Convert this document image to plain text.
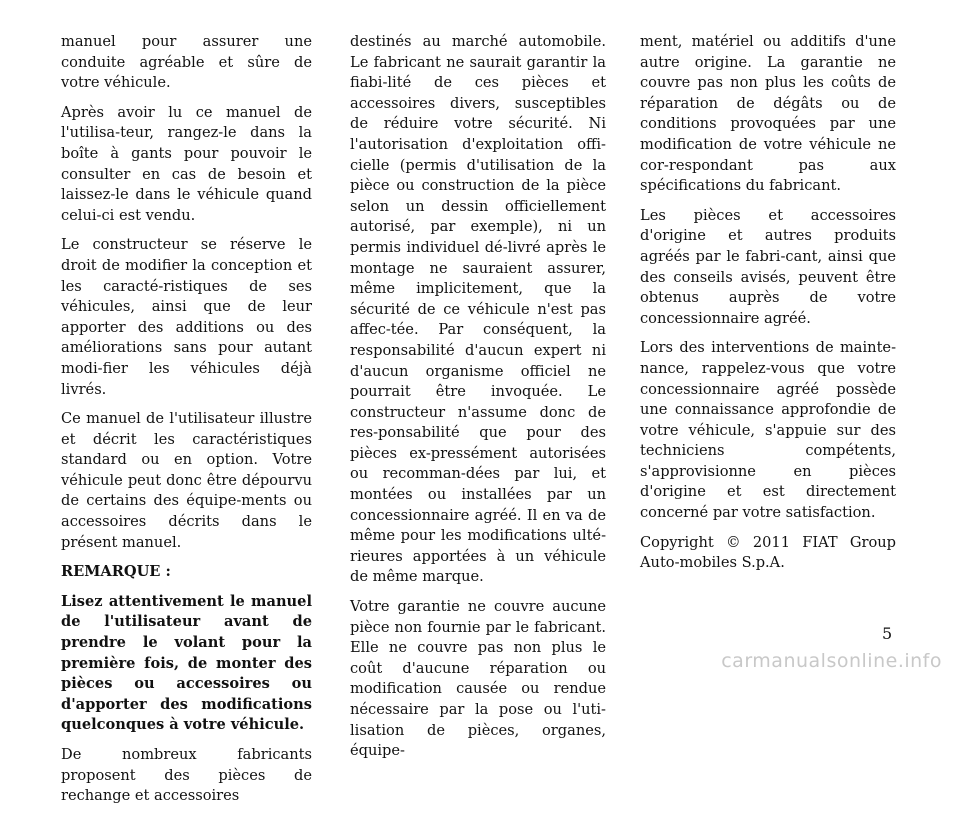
manuel pour assurer une conduite agréable et sûre de votre véhicule.

Après avoir lu ce manuel de l'utilisa-teur, rangez-le dans la boîte à gants pour pouvoir le consulter en cas de besoin et laissez-le dans le véhicule quand celui-ci est vendu.

Le constructeur se réserve le droit de modifier la conception et les caracté-ristiques de ses véhicules, ainsi que de leur apporter des additions ou des améliorations sans pour autant modi-fier les véhicules déjà livrés.

Ce manuel de l'utilisateur illustre et décrit les caractéristiques standard ou en option. Votre véhicule peut donc être dépourvu de certains des équipe-ments ou accessoires décrits dans le présent manuel.

REMARQUE :

Lisez attentivement le manuel de l'utilisateur avant de prendre le volant pour la première fois, de monter des pièces ou accessoires ou d'apporter des modifications quelconques à votre véhicule.

De nombreux fabricants proposent des pièces de rechange et accessoires

destinés au marché automobile. Le fabricant ne saurait garantir la fiabi-lité de ces pièces et accessoires divers, susceptibles de réduire votre sécurité. Ni l'autorisation d'exploitation offi-cielle (permis d'utilisation de la pièce ou construction de la pièce selon un dessin officiellement autorisé, par exemple), ni un permis individuel dé-livré après le montage ne sauraient assurer, même implicitement, que la sécurité de ce véhicule n'est pas affec-tée. Par conséquent, la responsabilité d'aucun expert ni d'aucun organisme officiel ne pourrait être invoquée. Le constructeur n'assume donc de res-ponsabilité que pour des pièces ex-pressément autorisées ou recomman-dées par lui, et montées ou installées par un concessionnaire agréé. Il en va de même pour les modifications ulté-rieures apportées à un véhicule de même marque.

Votre garantie ne couvre aucune pièce non fournie par le fabricant. Elle ne couvre pas non plus le coût d'aucune réparation ou modification causée ou rendue nécessaire par la pose ou l'uti-lisation de pièces, organes, équipe-

ment, matériel ou additifs d'une autre origine. La garantie ne couvre pas non plus les coûts de réparation de dégâts ou de conditions provoquées par une modification de votre véhicule ne cor-respondant pas aux spécifications du fabricant.

Les pièces et accessoires d'origine et autres produits agréés par le fabri-cant, ainsi que des conseils avisés, peuvent être obtenus auprès de votre concessionnaire agréé.

Lors des interventions de mainte-nance, rappelez-vous que votre concessionnaire agréé possède une connaissance approfondie de votre véhicule, s'appuie sur des techniciens compétents, s'approvisionne en pièces d'origine et est directement concerné par votre satisfaction.

Copyright © 2011 FIAT Group Auto-mobiles S.p.A.

5
carmanualsonline.info
